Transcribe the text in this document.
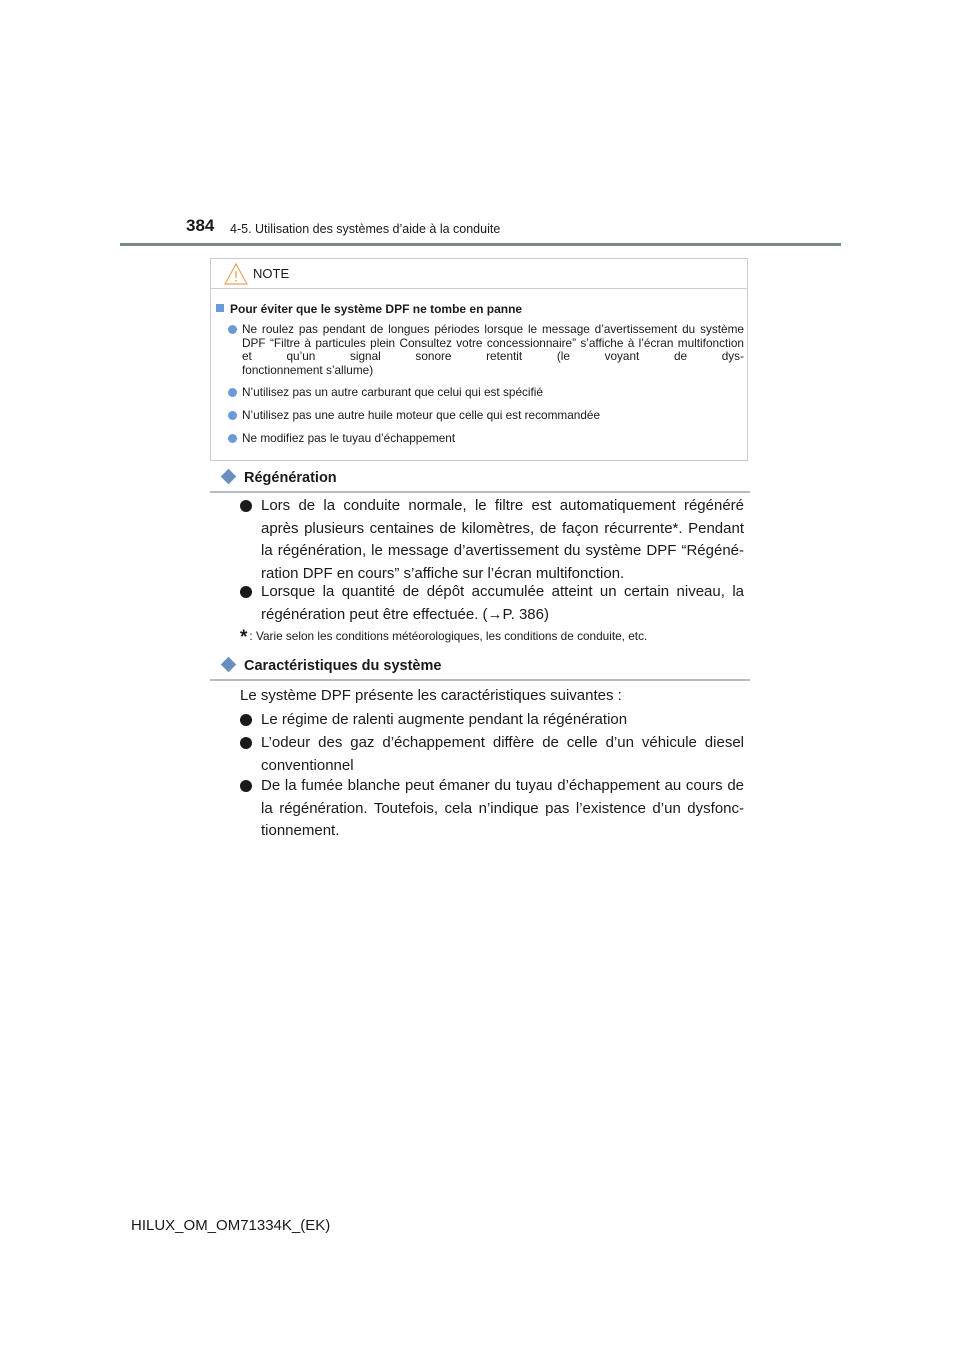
384 4-5. Utilisation des systèmes d’aide à la conduite
NOTE
Pour éviter que le système DPF ne tombe en panne
Ne roulez pas pendant de longues périodes lorsque le message d’avertissement du système DPF “Filtre à particules plein Consultez votre concessionnaire” s’affiche à l’écran multifonction et qu’un signal sonore retentit (le voyant de dys-
fonctionnement s’allume)
N’utilisez pas un autre carburant que celui qui est spécifié
N’utilisez pas une autre huile moteur que celle qui est recommandée
Ne modifiez pas le tuyau d’échappement
Régénération
Lors de la conduite normale, le filtre est automatiquement régénéré après plusieurs centaines de kilomètres, de façon récurrente*. Pendant la régénération, le message d’avertissement du système DPF “Régéné-
ration DPF en cours” s’affiche sur l’écran multifonction.
Lorsque la quantité de dépôt accumulée atteint un certain niveau, la
régénération peut être effectuée. (→P. 386)
* : Varie selon les conditions météorologiques, les conditions de conduite, etc.
Caractéristiques du système
Le système DPF présente les caractéristiques suivantes :
Le régime de ralenti augmente pendant la régénération
L’odeur des gaz d’échappement diffère de celle d’un véhicule diesel
conventionnel
De la fumée blanche peut émaner du tuyau d’échappement au cours de la régénération. Toutefois, cela n’indique pas l’existence d’un dysfonc-
tionnement.
HILUX_OM_OM71334K_(EK)
